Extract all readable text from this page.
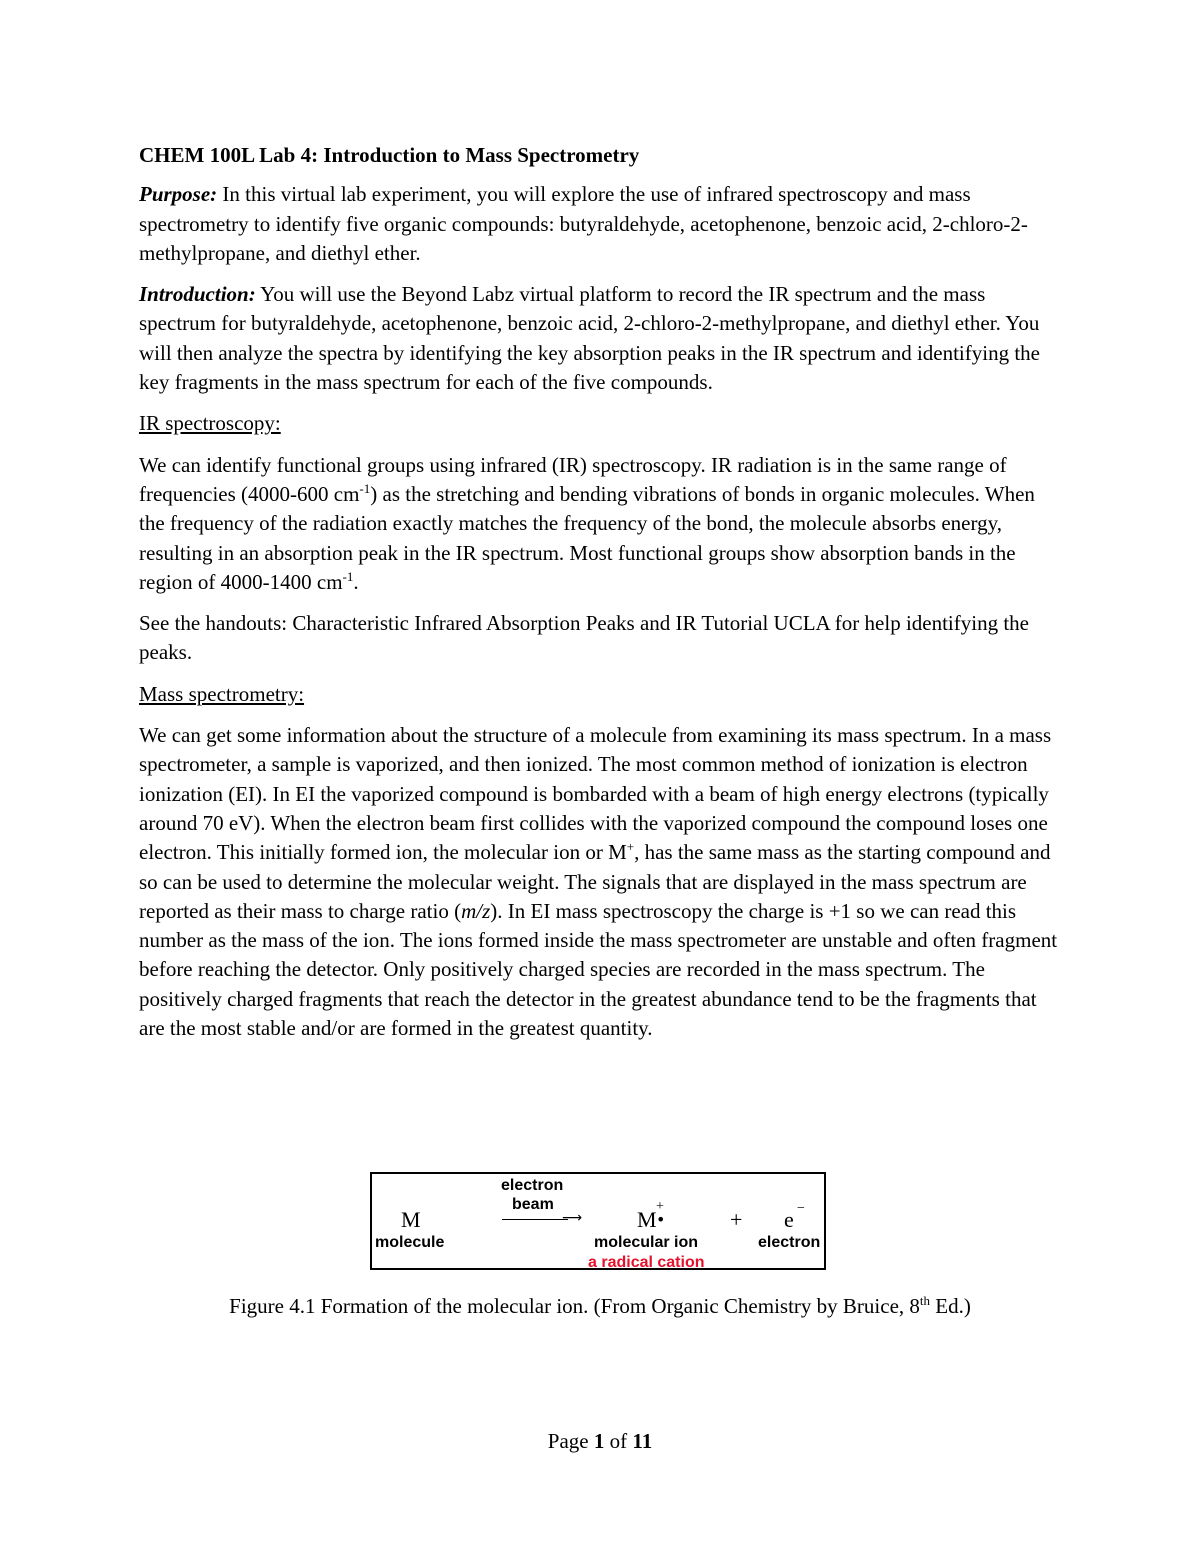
CHEM 100L Lab 4: Introduction to Mass Spectrometry

Purpose: In this virtual lab experiment, you will explore the use of infrared spectroscopy and mass spectrometry to identify five organic compounds: butyraldehyde, acetophenone, benzoic acid, 2-chloro-2-methylpropane, and diethyl ether.

Introduction: You will use the Beyond Labz virtual platform to record the IR spectrum and the mass spectrum for butyraldehyde, acetophenone, benzoic acid, 2-chloro-2-methylpropane, and diethyl ether. You will then analyze the spectra by identifying the key absorption peaks in the IR spectrum and identifying the key fragments in the mass spectrum for each of the five compounds.

IR spectroscopy:

We can identify functional groups using infrared (IR) spectroscopy. IR radiation is in the same range of frequencies (4000-600 $cm^{-1}$) as the stretching and bending vibrations of bonds in organic molecules. When the frequency of the radiation exactly matches the frequency of the bond, the molecule absorbs energy, resulting in an absorption peak in the IR spectrum. Most functional groups show absorption bands in the region of 4000-1400 $cm^{-1}$.

See the handouts: Characteristic Infrared Absorption Peaks and IR Tutorial UCLA for help identifying the peaks.

Mass spectrometry:

We can get some information about the structure of a molecule from examining its mass spectrum. In a mass spectrometer, a sample is vaporized, and then ionized. The most common method of ionization is electron ionization (EI). In EI the vaporized compound is bombarded with a beam of high energy electrons (typically around 70 eV). When the electron beam first collides with the vaporized compound the compound loses one electron. This initially formed ion, the molecular ion or M+, has the same mass as the starting compound and so can be used to determine the molecular weight. The signals that are displayed in the mass spectrum are reported as their mass to charge ratio (m/z). In EI mass spectroscopy the charge is +1 so we can read this number as the mass of the ion. The ions formed inside the mass spectrometer are unstable and often fragment before reaching the detector. Only positively charged species are recorded in the mass spectrum. The positively charged fragments that reach the detector in the greatest abundance tend to be the fragments that are the most stable and/or are formed in the greatest quantity.

M
molecule
electron
beam
⟶ M
+
•
molecular ion
a radical cation
+ e −
electron
Figure 4.1 Formation of the molecular ion. (From Organic Chemistry by Bruice, 8th Ed.)
Page 1 of 11
